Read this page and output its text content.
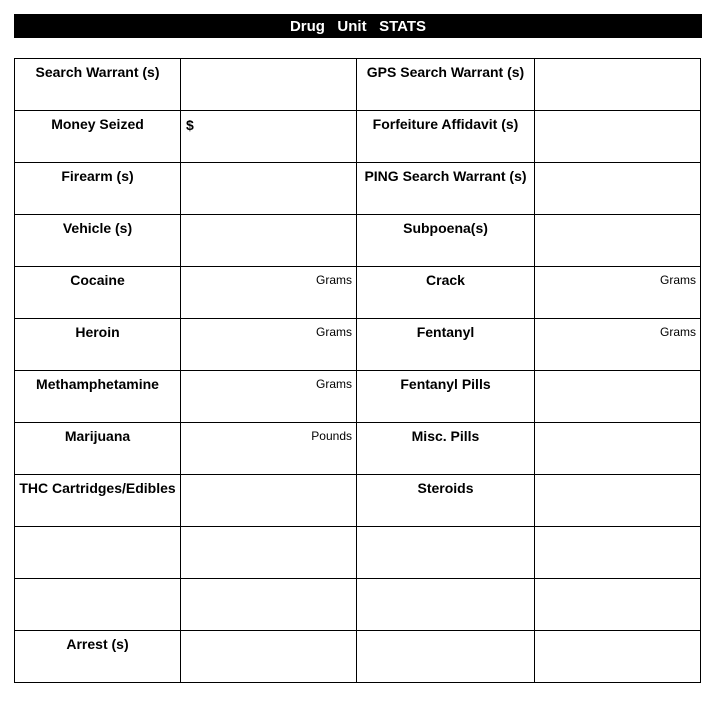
Drug   Unit   STATS
Search Warrant (s)		GPS Search Warrant (s)	

Money Seized	$	Forfeiture Affidavit (s)	

Firearm (s)		PING Search Warrant (s)	

Vehicle (s)		Subpoena(s)	

Cocaine	Grams	Crack	Grams

Heroin	Grams	Fentanyl	Grams

Methamphetamine	Grams	Fentanyl Pills	

Marijuana	Pounds	Misc. Pills	

THC Cartridges/Edibles		Steroids	

Arrest (s)	
